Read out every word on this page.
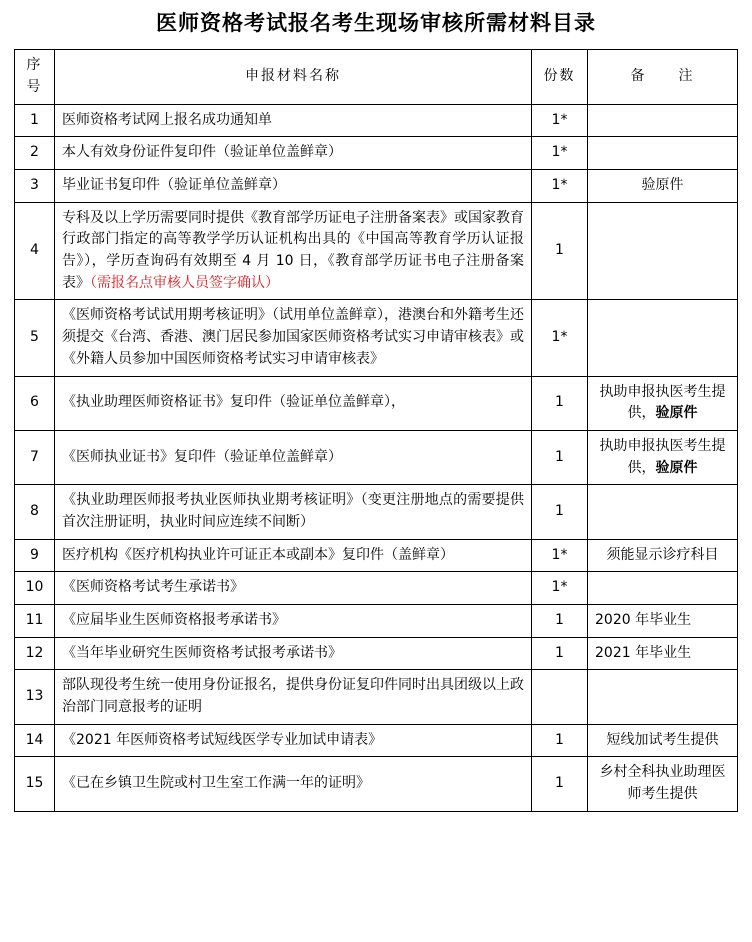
医师资格考试报名考生现场审核所需材料目录
序　号	申报材料名称	份数	备　　注
1	医师资格考试网上报名成功通知单	1*	
2	本人有效身份证件复印件（验证单位盖鲜章）	1*	
3	毕业证书复印件（验证单位盖鲜章）	1*	验原件
4	专科及以上学历需要同时提供《教育部学历证电子注册备案表》或国家教育行政部门指定的高等教学学历认证机构出具的《中国高等教育学历认证报告》），学历查询码有效期至 4 月 10 日，《教育部学历证书电子注册备案表》（需报名点审核人员签字确认）	1	
5	《医师资格考试试用期考核证明》（试用单位盖鲜章），港澳台和外籍考生还须提交《台湾、香港、澳门居民参加国家医师资格考试实习申请审核表》或《外籍人员参加中国医师资格考试实习申请审核表》	1*	
6	《执业助理医师资格证书》复印件（验证单位盖鲜章），	1	执助申报执医考生提供，验原件
7	《医师执业证书》复印件（验证单位盖鲜章）	1	执助申报执医考生提供，验原件
8	《执业助理医师报考执业医师执业期考核证明》（变更注册地点的需要提供首次注册证明，执业时间应连续不间断）	1	
9	医疗机构《医疗机构执业许可证正本或副本》复印件（盖鲜章）	1*	须能显示诊疗科目
10	《医师资格考试考生承诺书》	1*	
11	《应届毕业生医师资格报考承诺书》	1	2020 年毕业生
12	《当年毕业研究生医师资格考试报考承诺书》	1	2021 年毕业生
13	部队现役考生统一使用身份证报名，提供身份证复印件同时出具团级以上政治部门同意报考的证明		
14	《2021 年医师资格考试短线医学专业加试申请表》	1	短线加试考生提供
15	《已在乡镇卫生院或村卫生室工作满一年的证明》	1	乡村全科执业助理医师考生提供
